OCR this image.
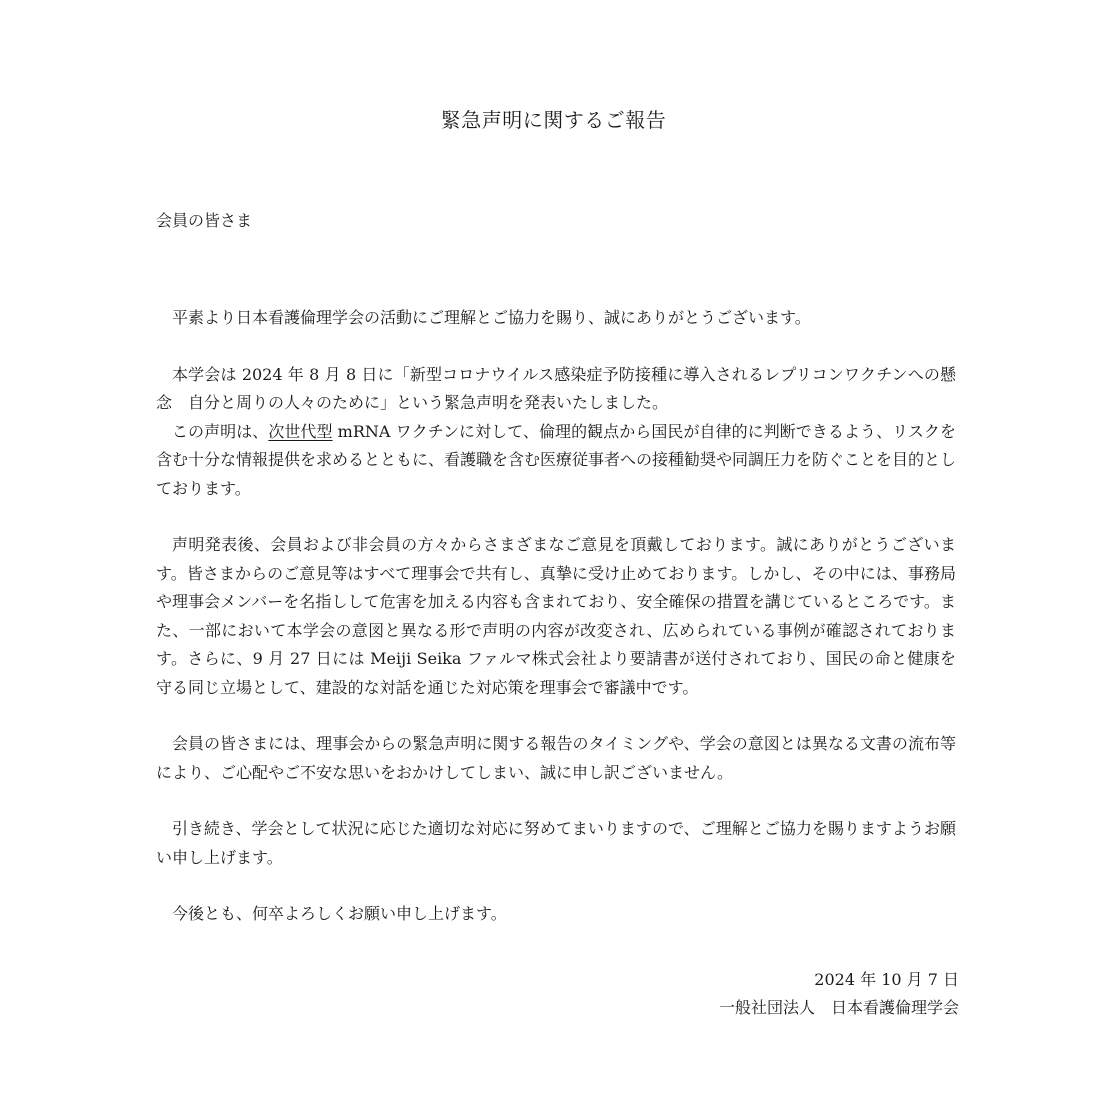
緊急声明に関するご報告
会員の皆さま

平素より日本看護倫理学会の活動にご理解とご協力を賜り、誠にありがとうございます。

本学会は 2024 年 8 月 8 日に「新型コロナウイルス感染症予防接種に導入されるレプリコンワクチンへの懸念　自分と周りの人々のために」という緊急声明を発表いたしました。

この声明は、次世代型 mRNA ワクチンに対して、倫理的観点から国民が自律的に判断できるよう、リスクを含む十分な情報提供を求めるとともに、看護職を含む医療従事者への接種勧奨や同調圧力を防ぐことを目的としております。

声明発表後、会員および非会員の方々からさまざまなご意見を頂戴しております。誠にありがとうございます。皆さまからのご意見等はすべて理事会で共有し、真摯に受け止めております。しかし、その中には、事務局や理事会メンバーを名指しして危害を加える内容も含まれており、安全確保の措置を講じているところです。また、一部において本学会の意図と異なる形で声明の内容が改変され、広められている事例が確認されております。さらに、9 月 27 日には Meiji Seika ファルマ株式会社より要請書が送付されており、国民の命と健康を守る同じ立場として、建設的な対話を通じた対応策を理事会で審議中です。

会員の皆さまには、理事会からの緊急声明に関する報告のタイミングや、学会の意図とは異なる文書の流布等により、ご心配やご不安な思いをおかけしてしまい、誠に申し訳ございません。

引き続き、学会として状況に応じた適切な対応に努めてまいりますので、ご理解とご協力を賜りますようお願い申し上げます。

今後とも、何卒よろしくお願い申し上げます。

2024 年 10 月 7 日
一般社団法人　日本看護倫理学会
